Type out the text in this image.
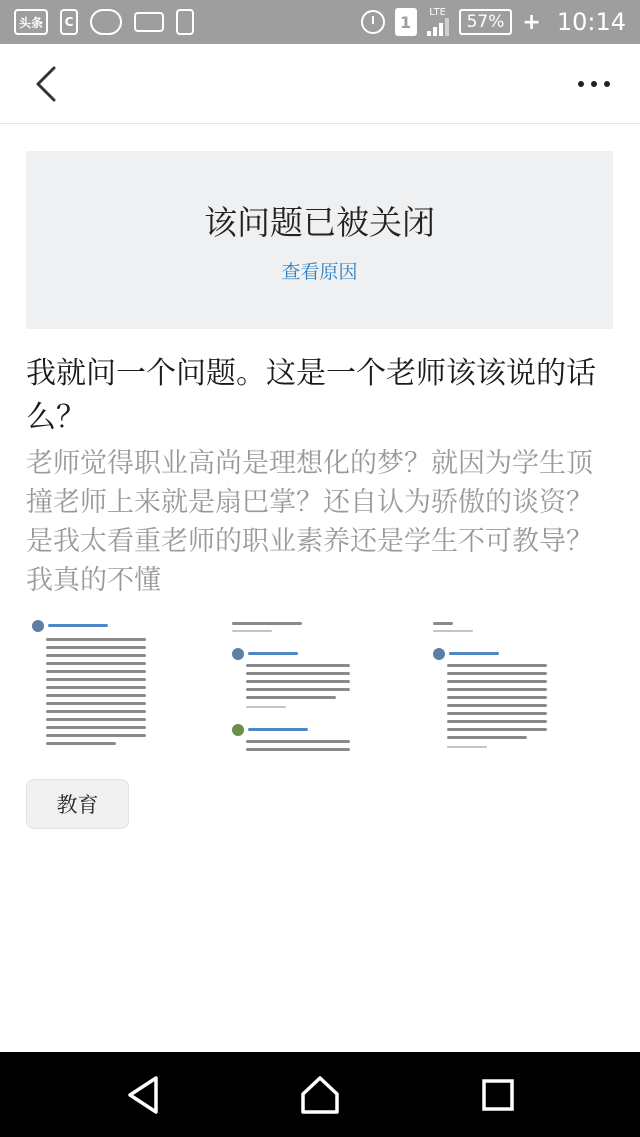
头条	C	1	LTE	57% + 10:14
该问题已被关闭
查看原因
我就问一个问题。这是一个老师该该说的话么？
老师觉得职业高尚是理想化的梦？就因为学生顶撞老师上来就是扇巴掌？还自认为骄傲的谈资？是我太看重老师的职业素养还是学生不可教导？我真的不懂
教育
